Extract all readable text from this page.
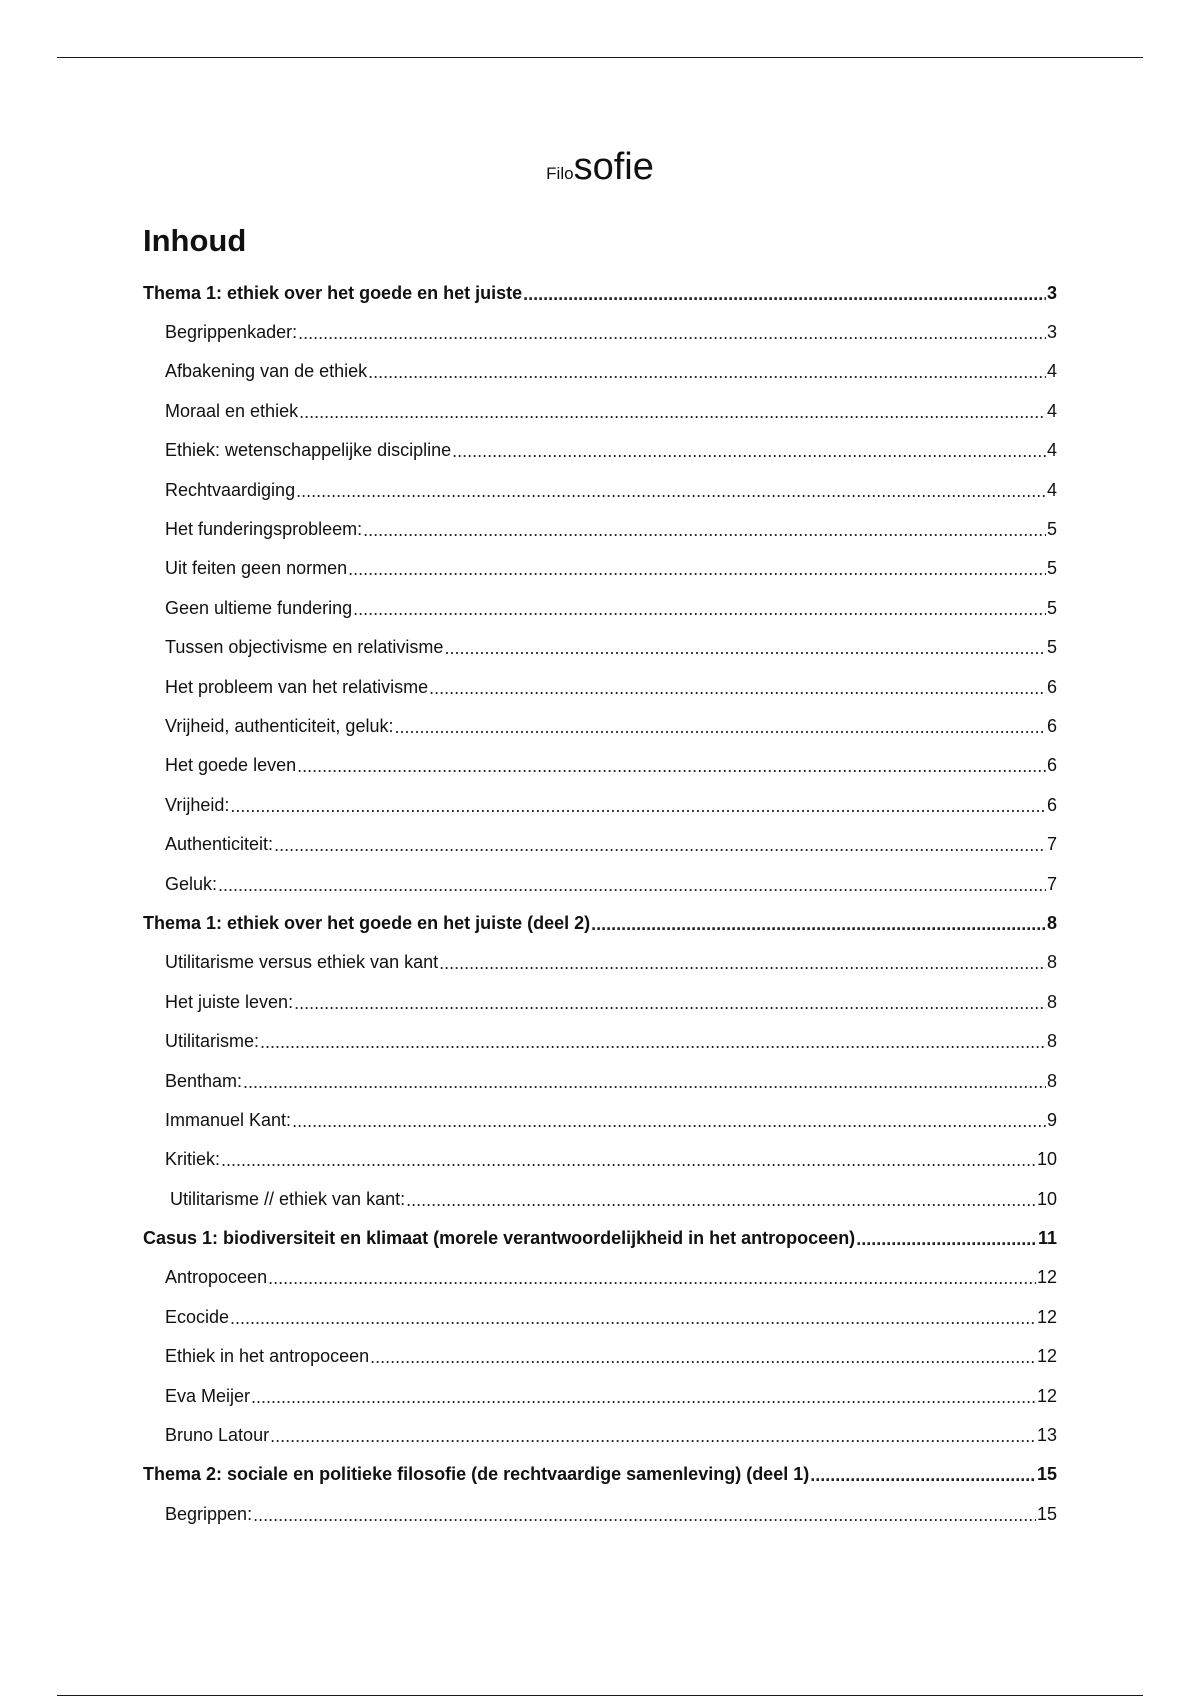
Filosofie
Inhoud
Thema 1: ethiek over het goede en het juiste .....	3
Begrippenkader: .....	3
Afbakening van de ethiek .....	4
Moraal en ethiek .....	4
Ethiek: wetenschappelijke discipline .....	4
Rechtvaardiging .....	4
Het funderingsprobleem: .....	5
Uit feiten geen normen .....	5
Geen ultieme fundering .....	5
Tussen objectivisme en relativisme .....	5
Het probleem van het relativisme .....	6
Vrijheid, authenticiteit, geluk: .....	6
Het goede leven .....	6
Vrijheid: .....	6
Authenticiteit: .....	7
Geluk: .....	7
Thema 1: ethiek over het goede en het juiste (deel 2) .....	8
Utilitarisme versus ethiek van kant .....	8
Het juiste leven: .....	8
Utilitarisme: .....	8
Bentham: .....	8
Immanuel Kant: .....	9
Kritiek: .....	10
Utilitarisme // ethiek van kant: .....	10
Casus 1: biodiversiteit en klimaat (morele verantwoordelijkheid in het antropoceen) .....	11
Antropoceen .....	12
Ecocide .....	12
Ethiek in het antropoceen .....	12
Eva Meijer .....	12
Bruno Latour .....	13
Thema 2: sociale en politieke filosofie (de rechtvaardige samenleving) (deel 1) .....	15
Begrippen: .....	15
